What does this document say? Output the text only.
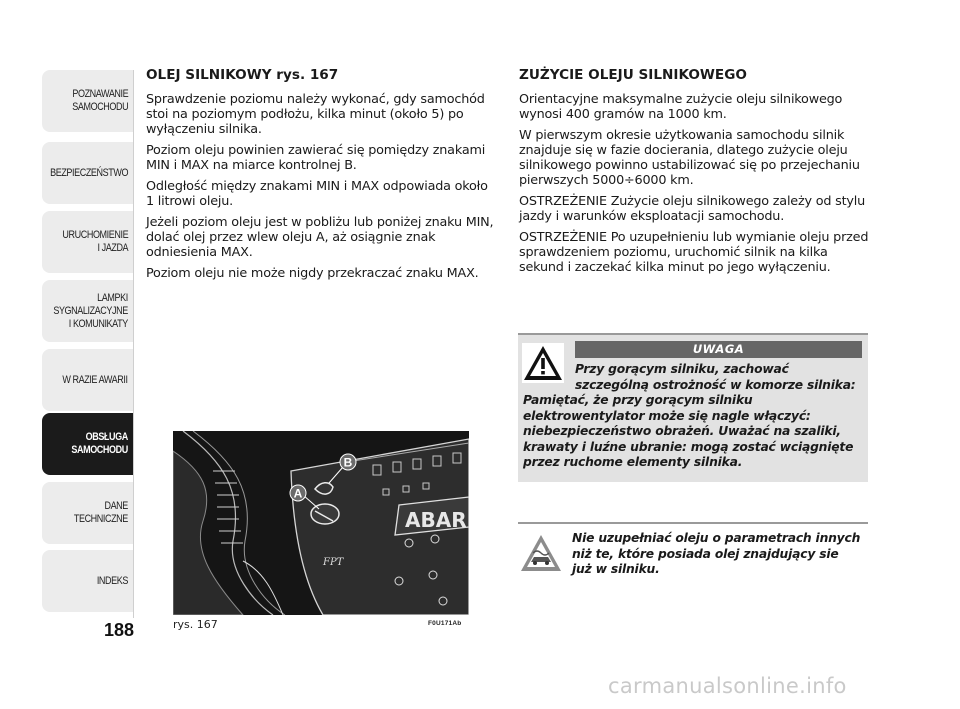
POZNAWANIE
SAMOCHODU
BEZPIECZEŃSTWO
URUCHOMIENIE
I JAZDA
LAMPKI
SYGNALIZACYJNE
I KOMUNIKATY
W RAZIE AWARII
OBSŁUGA
SAMOCHODU
DANE
TECHNICZNE
INDEKS
188
OLEJ SILNIKOWY rys. 167

Sprawdzenie poziomu należy wykonać, gdy samochód stoi na poziomym podłożu, kilka minut (około 5) po wyłączeniu silnika.

Poziom oleju powinien zawierać się pomiędzy znakami MIN i MAX na miarce kontrolnej B.

Odległość między znakami MIN i MAX odpowiada około 1 litrowi oleju.

Jeżeli poziom oleju jest w pobliżu lub poniżej znaku MIN, dolać olej przez wlew oleju A, aż osiągnie znak odniesienia MAX.

Poziom oleju nie może nigdy przekraczać znaku MAX.

ZUŻYCIE OLEJU SILNIKOWEGO

Orientacyjne maksymalne zużycie oleju silnikowego wynosi 400 gramów na 1000 km.

W pierwszym okresie użytkowania samochodu silnik znajduje się w fazie docierania, dlatego zużycie oleju silnikowego powinno ustabilizować się po przejechaniu pierwszych 5000÷6000 km.

OSTRZEŻENIE Zużycie oleju silnikowego zależy od stylu jazdy i warunków eksploatacji samochodu.

OSTRZEŻENIE Po uzupełnieniu lub wymianie oleju przed sprawdzeniem poziomu, uruchomić silnik na kilka sekund i zaczekać kilka minut po jego wyłączeniu.

ABAR
FPT
A
B
rys. 167	F0U171Ab
UWAGA
Przy gorącym silniku, zachować
szczególną ostrożność w komorze silnika:
Pamiętać, że przy gorącym silniku elektrowentylator może się nagle włączyć: niebezpieczeństwo obrażeń. Uważać na szaliki, krawaty i luźne ubranie: mogą zostać wciągnięte przez ruchome elementy silnika.
Nie uzupełniać oleju o parametrach innych niż te, które posiada olej znajdujący sie już w silniku.
carmanualsonline.info
